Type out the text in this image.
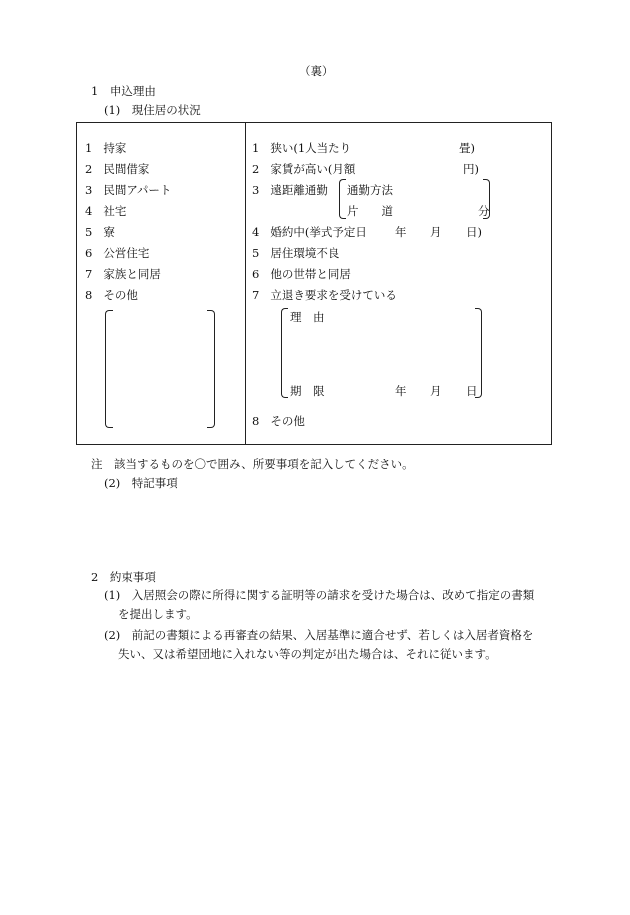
（裏）
1　申込理由
(1)　現住居の状況
1 持家
2 民間借家
3 民間アパート
4 社宅
5 寮
6 公営住宅
7 家族と同居
8 その他
1 狭い(1人当たり	畳)
2 家賃が高い(月額	円)
3 遠距離通勤 通勤方法
片　　道	分
4 婚約中(挙式予定日 年 月 日)
5 居住環境不良
6 他の世帯と同居
7 立退き要求を受けている
理　由
期　限	年 月 日
8 その他
注　該当するものを〇で囲み、所要事項を記入してください。
(2)　特記事項
2　約束事項
(1)　入居照会の際に所得に関する証明等の請求を受けた場合は、改めて指定の書類
を提出します。
(2)　前記の書類による再審査の結果、入居基準に適合せず、若しくは入居者資格を
失い、又は希望団地に入れない等の判定が出た場合は、それに従います。
